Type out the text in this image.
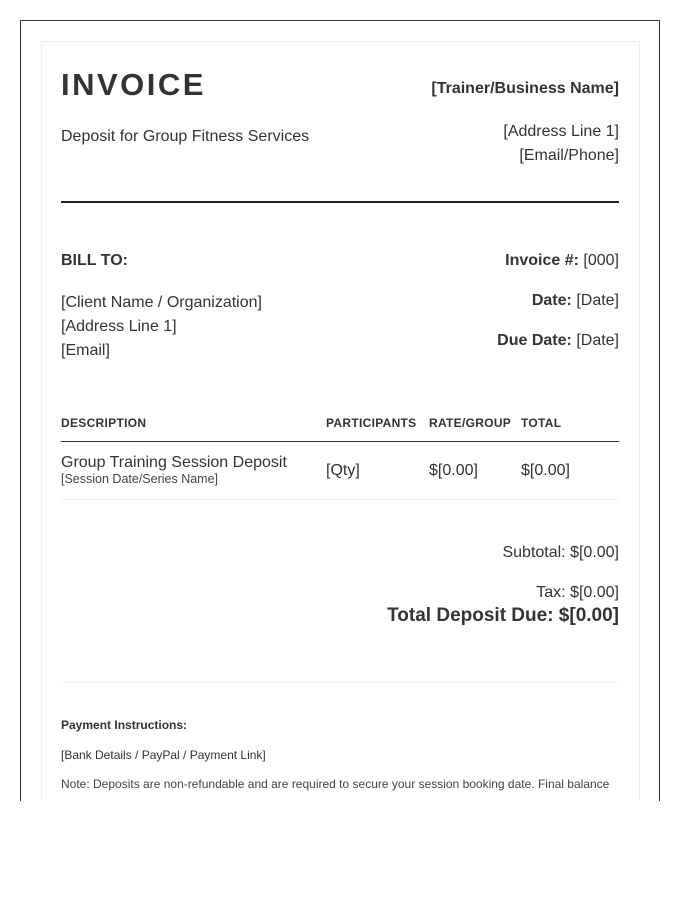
INVOICE
Deposit for Group Fitness Services
[Trainer/Business Name]
[Address Line 1]
[Email/Phone]
BILL TO:
[Client Name / Organization]
[Address Line 1]
[Email]
Invoice #: [000]
Date: [Date]
Due Date: [Date]
DESCRIPTION	PARTICIPANTS RATE/GROUP TOTAL
Group Training Session Deposit
[Session Date/Series Name]	[Qty]	$[0.00]	$[0.00]
Subtotal: $[0.00]
Tax: $[0.00]
Total Deposit Due: $[0.00]
Payment Instructions:
[Bank Details / PayPal / Payment Link]
Note: Deposits are non-refundable and are required to secure your session booking date. Final balance
